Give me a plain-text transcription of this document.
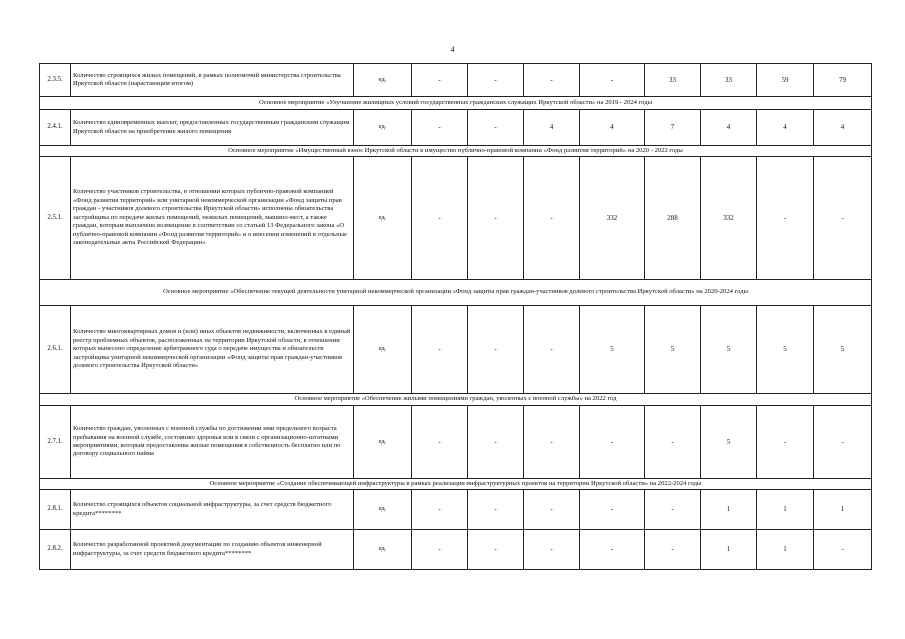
4
2.3.5.	Количество строящихся жилых помещений, в рамках полномочий министерства строительства Иркутской области (нарастающим итогом)	ед.	-	-	-	-	33	33	59	79
Основное мероприятие «Улучшение жилищных условий государственных гражданских служащих Иркутской области» на 2019 - 2024 годы										
2.4.1.	Количество единовременных выплат, предоставленных государственным гражданским служащим Иркутской области на приобретение жилого помещения	ед.	-	-	4	4	7	4	4	4
Основное мероприятие «Имущественный взнос Иркутской области в имущество публично-правовой компании «Фонд развития территорий» на 2020 - 2022 годы										
2.5.1.	Количество участников строительства, в отношении которых публично-правовой компанией «Фонд развития территорий» или унитарной некоммерческой организации «Фонд защиты прав граждан - участников долевого строительства Иркутской области» исполнены обязательства застройщика по передаче жилых помещений, нежилых помещений, машино-мест, а также граждан, которым выплачено возмещение в соответствии со статьей 13 Федерального закона «О публично-правовой компании «Фонд развития территорий» и о внесении изменений в отдельные законодательные акты Российской Федерации»	ед.	-	-	-	332	288	332	-	-
Основное мероприятие «Обеспечение текущей деятельности унитарной некоммерческой организации «Фонд защиты прав граждан-участников долевого строительства Иркутской области» на 2020-2024 годы										
2.6.1.	Количество многоквартирных домов и (или) иных объектов недвижимости, включенных в единый реестр проблемных объектов, расположенных на территории Иркутской области, в отношении которых вынесено определение арбитражного суда о передаче имущества и обязательств застройщика унитарной некоммерческой организации «Фонд защиты прав граждан-участников долевого строительства Иркутской области»	ед.	-	-	-	5	5	5	5	5
Основное мероприятие «Обеспечение жилыми помещениями граждан, уволенных с военной службы» на 2022 год										
2.7.1.	Количество граждан, уволенных с военной службы по достижении ими предельного возраста пребывания на военной службе, состоянию здоровья или в связи с организационно-штатными мероприятиями, которым предоставлены жилые помещения в собственность бесплатно или по договору социального найма	ед.	-	-	-	-	-	5	-	-
Основное мероприятие «Создание обеспечивающей инфраструктуры в рамках реализации инфраструктурных проектов на территории Иркутской области» на 2022-2024 годы										
2.8.1.	Количество строящихся объектов социальной инфраструктуры, за счет средств бюджетного кредита********	ед.	-	-	-	-	-	1	1	1
2.8.2.	Количество разработанной проектной документации по созданию объектов инженерной инфраструктуры, за счет средств бюджетного кредита********	ед.	-	-	-	-	-	1	1	-
